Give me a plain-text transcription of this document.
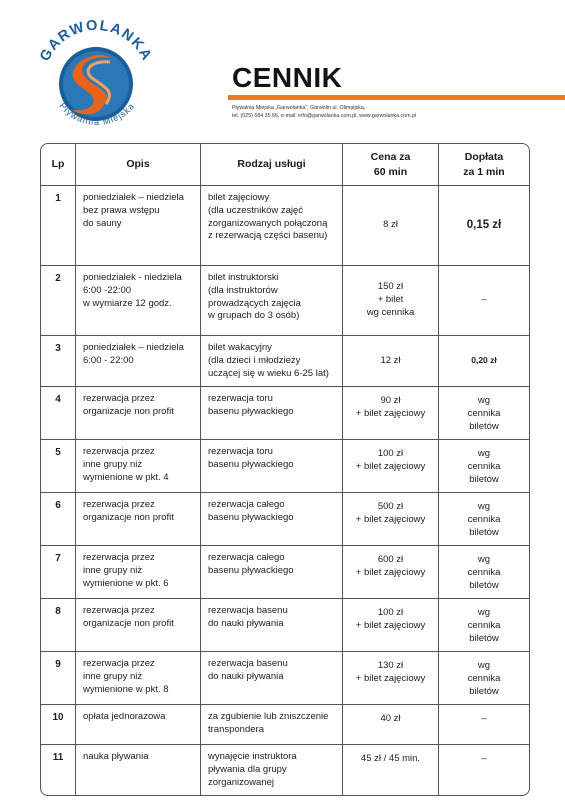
GARWOLANKA
Pływalnia Miejska
CENNIK
Pływalnia Miejska „Garwolanka”, Garwolin ul. Olimpijska,
tel. (025) 684 35 66, e-mail: info@garwolanka.com.pl, www.garwolanka.com.pl
Lp	Opis	Rodzaj usługi	Cena za
60 min	Dopłata
za 1 min
1	poniedziałek – niedziela
bez prawa wstępu
do sauny	bilet zajęciowy
(dla uczestników zajęć
zorganizowanych połączoną
z rezerwacją części basenu)	8 zł	0,15 zł
2	poniedziałek - niedziela
6:00 -22:00
w wymiarze 12 godz.	bilet instruktorski
(dla instruktorów
prowadzących zajęcia
w grupach do 3 osób)	150 zł
+ bilet
wg cennika	–
3	poniedziałek – niedziela
6:00 - 22:00	bilet wakacyjny
(dla dzieci i młodzieży
uczącej się w wieku 6-25 lat)	12 zł	0,20 zł
4	rezerwacja przez
organizacje non profit	rezerwacja toru
basenu pływackiego	90 zł
+ bilet zajęciowy	wg
cennika
biletów
5	rezerwacja przez
inne grupy niż
wymienione w pkt. 4	rezerwacja toru
basenu pływackiego	100 zł
+ bilet zajęciowy	wg
cennika
biletów
6	rezerwacja przez
organizacje non profit	rezerwacja całego
basenu pływackiego	500 zł
+ bilet zajęciowy	wg
cennika
biletów
7	rezerwacja przez
inne grupy niż
wymienione w pkt. 6	rezerwacja całego
basenu pływackiego	600 zł
+ bilet zajęciowy	wg
cennika
biletów
8	rezerwacja przez
organizacje non profit	rezerwacja basenu
do nauki pływania	100 zł
+ bilet zajęciowy	wg
cennika
biletów
9	rezerwacja przez
inne grupy niż
wymienione w pkt. 8	rezerwacja basenu
do nauki pływania	130 zł
+ bilet zajęciowy	wg
cennika
biletów
10	opłata jednorazowa	za zgubienie lub zniszczenie
transpondera	40 zł	–
11	nauka pływania	wynajęcie instruktora
pływania dla grupy
zorganizowanej	45 zł / 45 min.	–
